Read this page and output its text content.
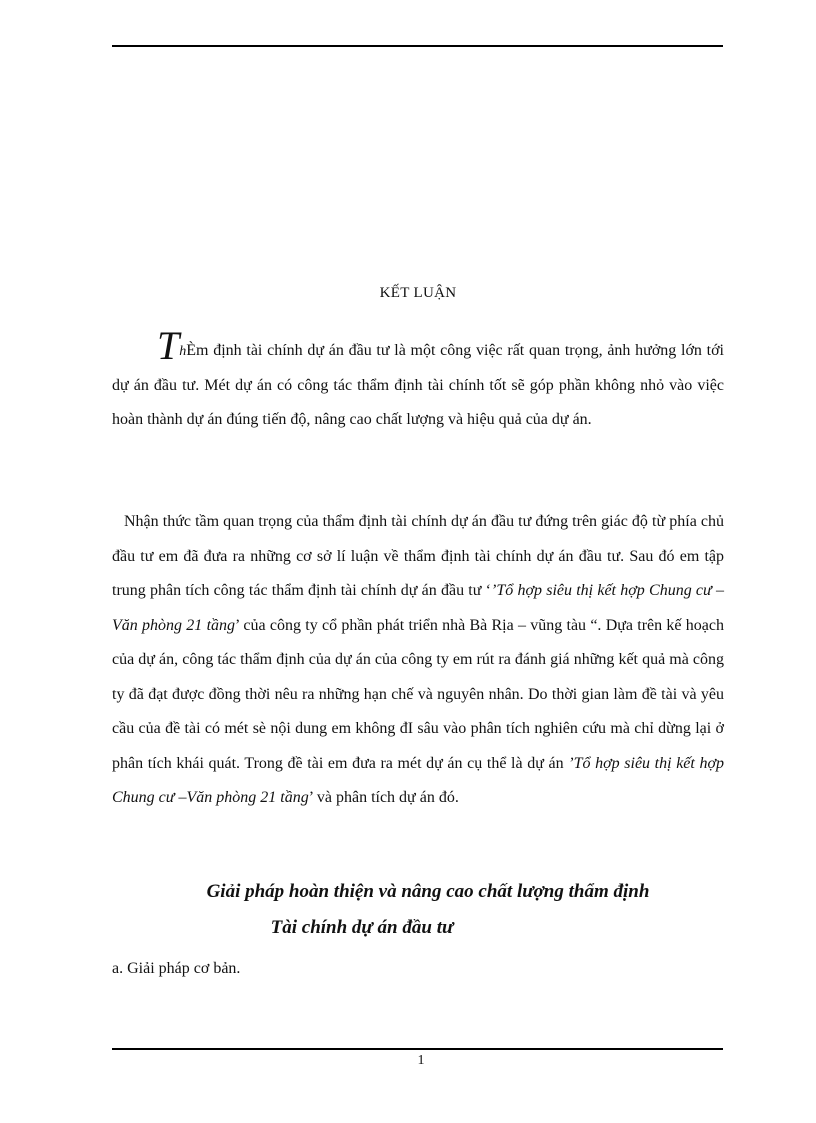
KẾT LUẬN

ThÈm định tài chính dự án đầu tư là một công việc rất quan trọng, ảnh hưởng lớn tới dự án đầu tư. Mét dự án có công tác thẩm định tài chính tốt sẽ góp phần không nhỏ vào việc hoàn thành dự án đúng tiến độ, nâng cao chất lượng và hiệu quả của dự án.

Nhận thức tầm quan trọng của thẩm định tài chính dự án đầu tư đứng trên giác độ từ phía chủ đầu tư em đã đưa ra những cơ sở lí luận về thẩm định tài chính dự án đầu tư. Sau đó em tập trung phân tích công tác thẩm định tài chính dự án đầu tư ‘’Tổ hợp siêu thị kết hợp Chung cư –Văn phòng 21 tầng’ của công ty cổ phần phát triển nhà Bà Rịa – vũng tàu “. Dựa trên kế hoạch của dự án, công tác thẩm định của dự án của công ty em rút ra đánh giá những kết quả mà công ty đã đạt được đồng thời nêu ra những hạn chế và nguyên nhân. Do thời gian làm đề tài và yêu cầu của đề tài có mét sè nội dung em không đI sâu vào phân tích nghiên cứu mà chỉ dừng lại ở phân tích khái quát. Trong đề tài em đưa ra mét dự án cụ thể là dự án ’Tổ hợp siêu thị kết hợp Chung cư –Văn phòng 21 tầng’ và phân tích dự án đó.

Giải pháp hoàn thiện và nâng cao chất lượng thẩm định

Tài chính dự án đầu tư

a. Giải pháp cơ bản.

1
